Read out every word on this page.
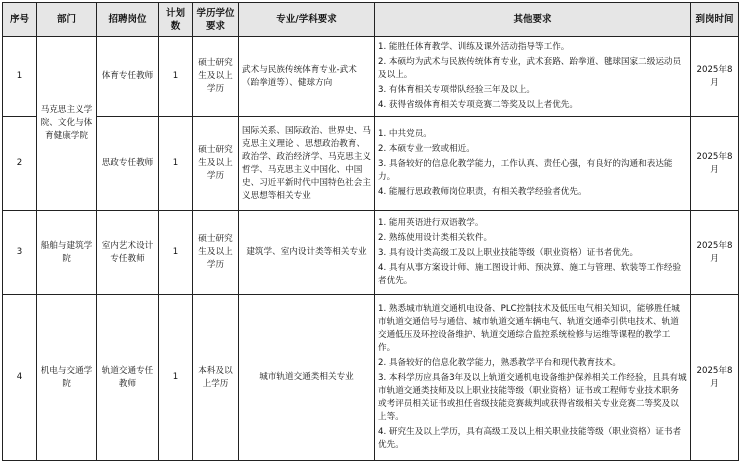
序号	部门	招聘岗位	计划数	学历学位要求	专业/学科要求	其他要求	到岗时间
1	马克思主义学院、文化与体育健康学院	体育专任教师	1	硕士研究生及以上学历	武术与民族传统体育专业-武术（跆拳道等）、健球方向	1. 能胜任体育教学、训练及课外活动指导等工作。
2. 本硕均为武术与民族传统体育专业，武术套路、跆拳道、毽球国家二级运动员及以上。
3. 有体育相关专项带队经验三年及以上。
4. 获得省级体育相关专项竞赛二等奖及以上者优先。	2025年8月
2		思政专任教师	1	硕士研究生及以上学历	国际关系、国际政治、世界史、马克思主义理论 、思想政治教育、政治学、政治经济学、马克思主义哲学、马克思主义中国化、中国史、习近平新时代中国特色社会主义思想等相关专业	1. 中共党员。
2. 本硕专业一致或相近。
3. 具备较好的信息化教学能力，工作认真、责任心强，有良好的沟通和表达能力。
4. 能履行思政教师岗位职责，有相关教学经验者优先。	2025年8月
3	船舶与建筑学院	室内艺术设计专任教师	1	硕士研究生及以上学历	建筑学、室内设计类等相关专业	1. 能用英语进行双语教学。
2. 熟练使用设计类相关软件。
3. 具有设计类高级工及以上职业技能等级（职业资格）证书者优先。
4. 具有从事方案设计师、施工图设计师、预决算、施工与管理、软装等工作经验者优先。	2025年8月
4	机电与交通学院	轨道交通专任教师	1	本科及以上学历	城市轨道交通类相关专业	1. 熟悉城市轨道交通机电设备、PLC控制技术及低压电气相关知识，能够胜任城市轨道交通信号与通信、城市轨道交通车辆电气、轨道交通牵引供电技术、轨道交通低压及环控设备维护、轨道交通综合监控系统检修与运维等课程的教学工作。
2. 具备较好的信息化教学能力，熟悉教学平台和现代教育技术。
3. 本科学历应具备3年及以上轨道交通机电设备维护保养相关工作经验，且具有城市轨道交通类技师及以上职业技能等级（职业资格）证书或工程师专业技术职务或考评员相关证书或担任省级技能竞赛裁判或获得省级相关专业竞赛二等奖及以上等。
4. 研究生及以上学历，具有高级工及以上相关职业技能等级（职业资格）证书者优先。	2025年8月
